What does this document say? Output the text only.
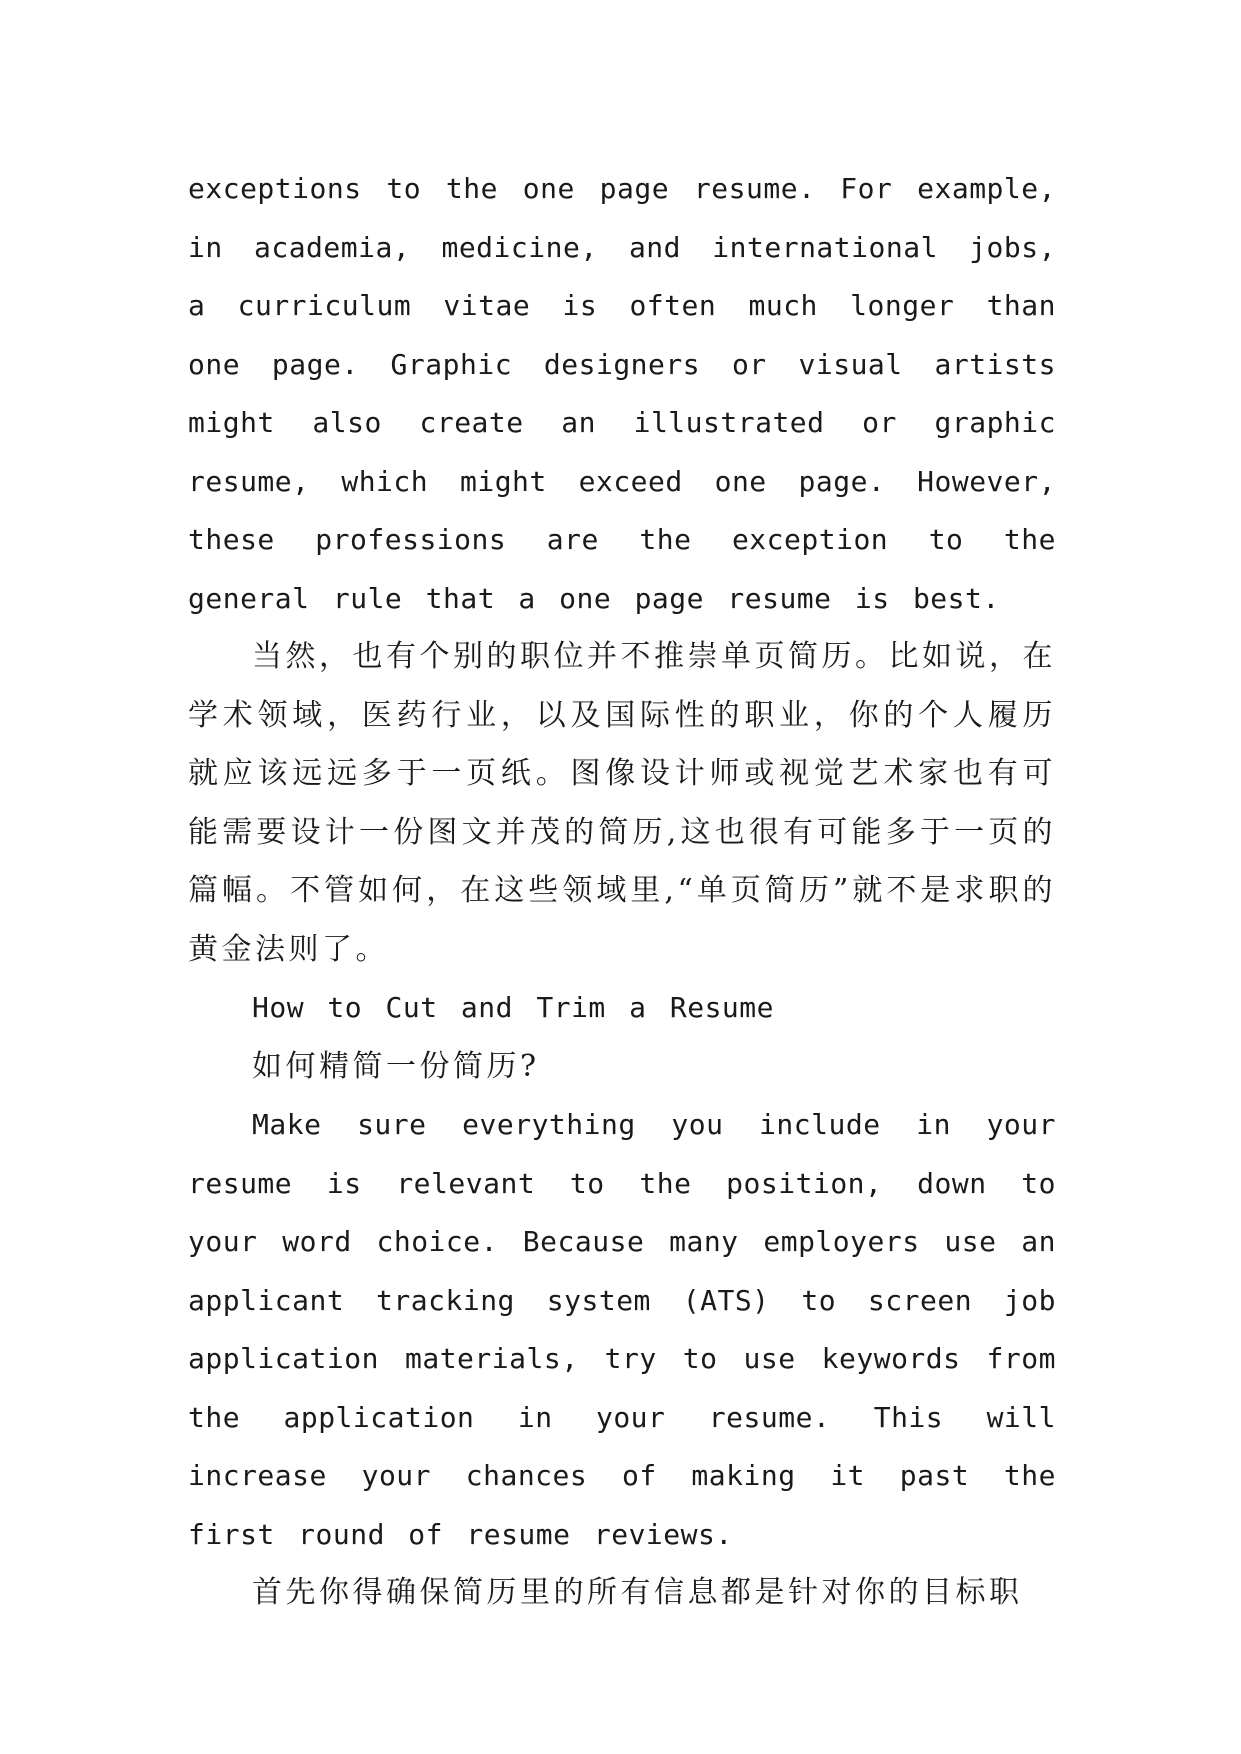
exceptions to the one page resume. For example, in academia, medicine, and international jobs, a curriculum vitae is often much longer than one page. Graphic designers or visual artists might also create an illustrated or graphic resume, which might exceed one page. However, these professions are the exception to the general rule that a one page resume is best.

当然，也有个别的职位并不推崇单页简历。比如说，在学术领域，医药行业，以及国际性的职业，你的个人履历就应该远远多于一页纸。图像设计师或视觉艺术家也有可能需要设计一份图文并茂的简历,这也很有可能多于一页的篇幅。不管如何，在这些领域里,“单页简历”就不是求职的黄金法则了。

How to Cut and Trim a Resume

如何精简一份简历?

Make sure everything you include in your resume is relevant to the position, down to your word choice. Because many employers use an applicant tracking system (ATS) to screen job application materials, try to use keywords from the application in your resume. This will increase your chances of making it past the first round of resume reviews.

首先你得确保简历里的所有信息都是针对你的目标职
